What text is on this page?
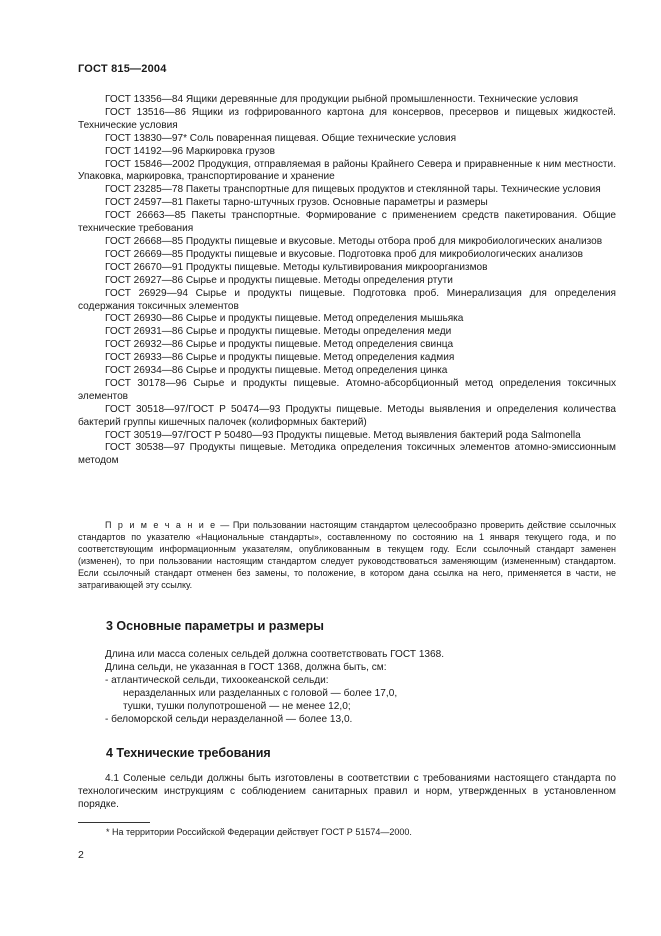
ГОСТ 815—2004

ГОСТ 13356—84 Ящики деревянные для продукции рыбной промышленности. Технические условия

ГОСТ 13516—86 Ящики из гофрированного картона для консервов, пресервов и пищевых жидкостей. Технические условия

ГОСТ 13830—97* Соль поваренная пищевая. Общие технические условия

ГОСТ 14192—96 Маркировка грузов

ГОСТ 15846—2002 Продукция, отправляемая в районы Крайнего Севера и приравненные к ним местности. Упаковка, маркировка, транспортирование и хранение

ГОСТ 23285—78 Пакеты транспортные для пищевых продуктов и стеклянной тары. Технические условия

ГОСТ 24597—81 Пакеты тарно-штучных грузов. Основные параметры и размеры

ГОСТ 26663—85 Пакеты транспортные. Формирование с применением средств пакетирования. Общие технические требования

ГОСТ 26668—85 Продукты пищевые и вкусовые. Методы отбора проб для микробиологических анализов

ГОСТ 26669—85 Продукты пищевые и вкусовые. Подготовка проб для микробиологических анализов

ГОСТ 26670—91 Продукты пищевые. Методы культивирования микроорганизмов

ГОСТ 26927—86 Сырье и продукты пищевые. Методы определения ртути

ГОСТ 26929—94 Сырье и продукты пищевые. Подготовка проб. Минерализация для определения содержания токсичных элементов

ГОСТ 26930—86 Сырье и продукты пищевые. Метод определения мышьяка

ГОСТ 26931—86 Сырье и продукты пищевые. Методы определения меди

ГОСТ 26932—86 Сырье и продукты пищевые. Метод определения свинца

ГОСТ 26933—86 Сырье и продукты пищевые. Метод определения кадмия

ГОСТ 26934—86 Сырье и продукты пищевые. Метод определения цинка

ГОСТ 30178—96 Сырье и продукты пищевые. Атомно-абсорбционный метод определения токсичных элементов

ГОСТ 30518—97/ГОСТ Р 50474—93 Продукты пищевые. Методы выявления и определения количества бактерий группы кишечных палочек (колиформных бактерий)

ГОСТ 30519—97/ГОСТ Р 50480—93 Продукты пищевые. Метод выявления бактерий рода Salmonella

ГОСТ 30538—97 Продукты пищевые. Методика определения токсичных элементов атомно-эмиссионным методом

П р и м е ч а н и е — При пользовании настоящим стандартом целесообразно проверить действие ссылочных стандартов по указателю «Национальные стандарты», составленному по состоянию на 1 января текущего года, и по соответствующим информационным указателям, опубликованным в текущем году. Если ссылочный стандарт заменен (изменен), то при пользовании настоящим стандартом следует руководствоваться заменяющим (измененным) стандартом. Если ссылочный стандарт отменен без замены, то положение, в котором дана ссылка на него, применяется в части, не затрагивающей эту ссылку.

3 Основные параметры и размеры

Длина или масса соленых сельдей должна соответствовать ГОСТ 1368.

Длина сельди, не указанная в ГОСТ 1368, должна быть, см:

- атлантической сельди, тихоокеанской сельди:

неразделанных или разделанных с головой — более 17,0,

тушки, тушки полупотрошеной — не менее 12,0;

- беломорской сельди неразделанной — более 13,0.

4 Технические требования

4.1 Соленые сельди должны быть изготовлены в соответствии с требованиями настоящего стандарта по технологическим инструкциям с соблюдением санитарных правил и норм, утвержденных в установленном порядке.

* На территории Российской Федерации действует ГОСТ Р 51574—2000.

2
